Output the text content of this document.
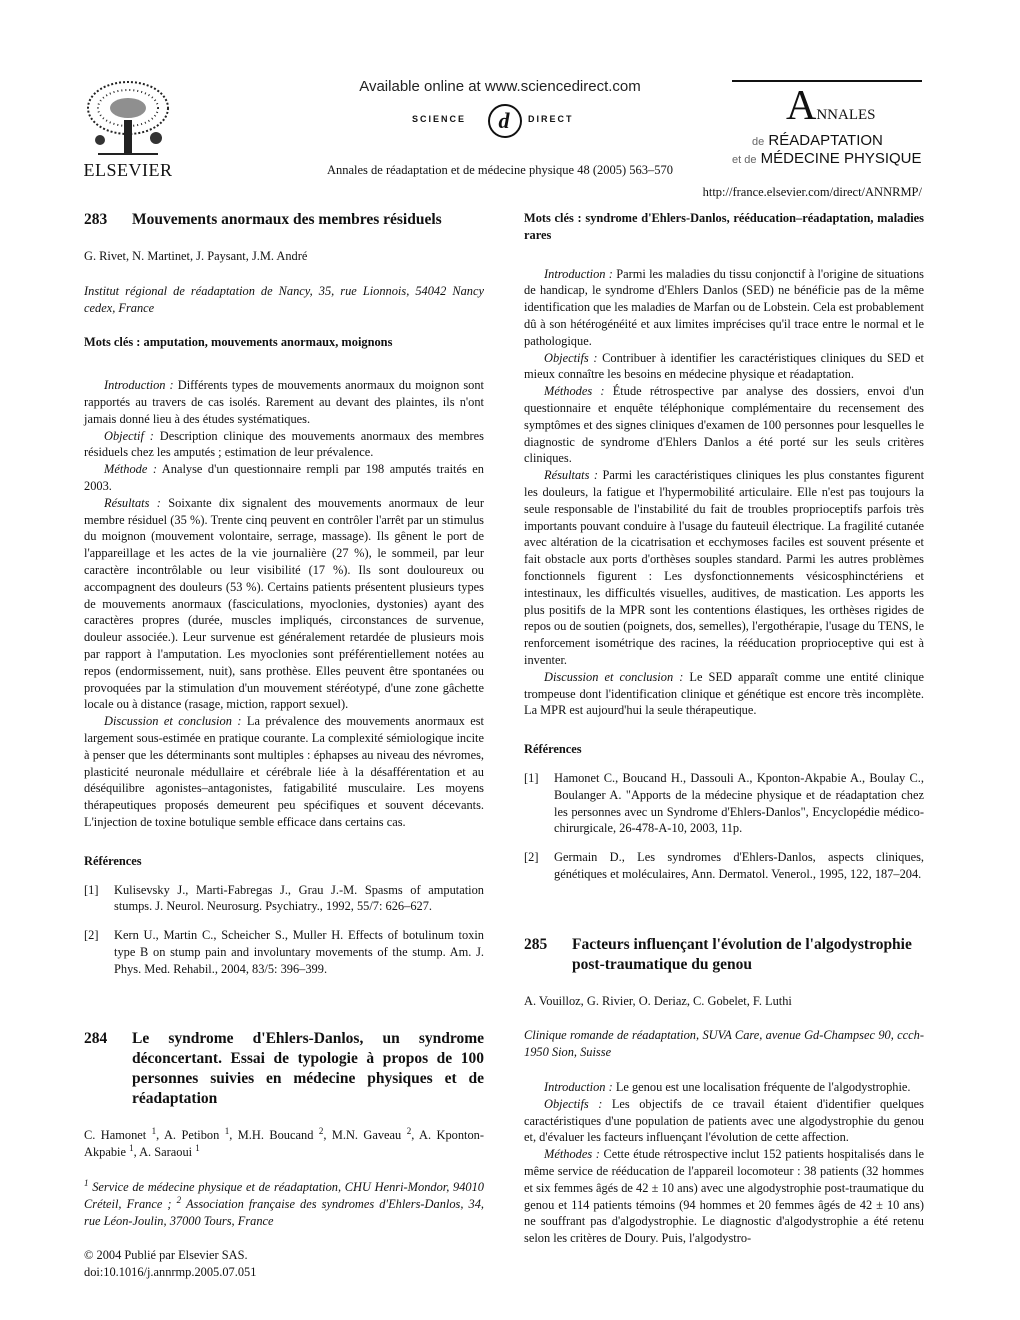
ELSEVIER
Available online at www.sciencedirect.com
SCIENCE d DIRECT
Annales de réadaptation et de médecine physique 48 (2005) 563–570
ANNALES
de RÉADAPTATION
et de MÉDECINE PHYSIQUE
http://france.elsevier.com/direct/ANNRMP/
283	Mouvements anormaux des membres résiduels
G. Rivet, N. Martinet, J. Paysant, J.M. André
Institut régional de réadaptation de Nancy, 35, rue Lionnois, 54042 Nancy cedex, France
Mots clés : amputation, mouvements anormaux, moignons

Introduction : Différents types de mouvements anormaux du moignon sont rapportés au travers de cas isolés. Rarement au devant des plaintes, ils n'ont jamais donné lieu à des études systématiques.

Objectif : Description clinique des mouvements anormaux des membres résiduels chez les amputés ; estimation de leur prévalence.

Méthode : Analyse d'un questionnaire rempli par 198 amputés traités en 2003.

Résultats : Soixante dix signalent des mouvements anormaux de leur membre résiduel (35 %). Trente cinq peuvent en contrôler l'arrêt par un stimulus du moignon (mouvement volontaire, serrage, massage). Ils gênent le port de l'appareillage et les actes de la vie journalière (27 %), le sommeil, par leur caractère incontrôlable ou leur visibilité (17 %). Ils sont douloureux ou accompagnent des douleurs (53 %). Certains patients présentent plusieurs types de mouvements anormaux (fasciculations, myoclonies, dystonies) ayant des caractères propres (durée, muscles impliqués, circonstances de survenue, douleur associée.). Leur survenue est généralement retardée de plusieurs mois par rapport à l'amputation. Les myoclonies sont préférentiellement notées au repos (endormissement, nuit), sans prothèse. Elles peuvent être spontanées ou provoquées par la stimulation d'un mouvement stéréotypé, d'une zone gâchette locale ou à distance (rasage, miction, rapport sexuel).

Discussion et conclusion : La prévalence des mouvements anormaux est largement sous-estimée en pratique courante. La complexité sémiologique incite à penser que les déterminants sont multiples : éphapses au niveau des névromes, plasticité neuronale médullaire et cérébrale liée à la désafférentation et au déséquilibre agonistes–antagonistes, fatigabilité musculaire. Les moyens thérapeutiques proposés demeurent peu spécifiques et souvent décevants. L'injection de toxine botulique semble efficace dans certains cas.

Références
[1]	Kulisevsky J., Marti-Fabregas J., Grau J.-M. Spasms of amputation stumps. J. Neurol. Neurosurg. Psychiatry., 1992, 55/7: 626–627.
[2]	Kern U., Martin C., Scheicher S., Muller H. Effects of botulinum toxin type B on stump pain and involuntary movements of the stump. Am. J. Phys. Med. Rehabil., 2004, 83/5: 396–399.
284	Le syndrome d'Ehlers-Danlos, un syndrome déconcertant. Essai de typologie à propos de 100 personnes suivies en médecine physiques et de réadaptation
C. Hamonet $^1$, A. Petibon $^1$, M.H. Boucand $^2$, M.N. Gaveau $^2$, A. Kponton-Akpabie $^1$, A. Saraoui $^1$
$^1$ Service de médecine physique et de réadaptation, CHU Henri-Mondor, 94010 Créteil, France ; $^2$ Association française des syndromes d'Ehlers-Danlos, 34, rue Léon-Joulin, 37000 Tours, France
© 2004 Publié par Elsevier SAS.
doi:10.1016/j.annrmp.2005.07.051
Mots clés : syndrome d'Ehlers-Danlos, rééducation–réadaptation, maladies rares

Introduction : Parmi les maladies du tissu conjonctif à l'origine de situations de handicap, le syndrome d'Ehlers Danlos (SED) ne bénéficie pas de la même identification que les maladies de Marfan ou de Lobstein. Cela est probablement dû à son hétérogénéité et aux limites imprécises qu'il trace entre le normal et le pathologique.

Objectifs : Contribuer à identifier les caractéristiques cliniques du SED et mieux connaître les besoins en médecine physique et réadaptation.

Méthodes : Étude rétrospective par analyse des dossiers, envoi d'un questionnaire et enquête téléphonique complémentaire du recensement des symptômes et des signes cliniques d'examen de 100 personnes pour lesquelles le diagnostic de syndrome d'Ehlers Danlos a été porté sur les seuls critères cliniques.

Résultats : Parmi les caractéristiques cliniques les plus constantes figurent les douleurs, la fatigue et l'hypermobilité articulaire. Elle n'est pas toujours la seule responsable de l'instabilité du fait de troubles proprioceptifs parfois très importants pouvant conduire à l'usage du fauteuil électrique. La fragilité cutanée avec altération de la cicatrisation et ecchymoses faciles est souvent présente et fait obstacle aux ports d'orthèses souples standard. Parmi les autres problèmes fonctionnels figurent : Les dysfonctionnements vésicosphinctériens et intestinaux, les difficultés visuelles, auditives, de mastication. Les apports les plus positifs de la MPR sont les contentions élastiques, les orthèses rigides de repos ou de soutien (poignets, dos, semelles), l'ergothérapie, l'usage du TENS, le renforcement isométrique des racines, la rééducation proprioceptive qui est à inventer.

Discussion et conclusion : Le SED apparaît comme une entité clinique trompeuse dont l'identification clinique et génétique est encore très incomplète. La MPR est aujourd'hui la seule thérapeutique.

Références
[1]	Hamonet C., Boucand H., Dassouli A., Kponton-Akpabie A., Boulay C., Boulanger A. "Apports de la médecine physique et de réadaptation chez les personnes avec un Syndrome d'Ehlers-Danlos", Encyclopédie médico-chirurgicale, 26-478-A-10, 2003, 11p.
[2]	Germain D., Les syndromes d'Ehlers-Danlos, aspects cliniques, génétiques et moléculaires, Ann. Dermatol. Venerol., 1995, 122, 187–204.
285	Facteurs influençant l'évolution de l'algodystrophie post-traumatique du genou
A. Vouilloz, G. Rivier, O. Deriaz, C. Gobelet, F. Luthi
Clinique romande de réadaptation, SUVA Care, avenue Gd-Champsec 90, ccch-1950 Sion, Suisse

Introduction : Le genou est une localisation fréquente de l'algodystrophie.

Objectifs : Les objectifs de ce travail étaient d'identifier quelques caractéristiques d'une population de patients avec une algodystrophie du genou et, d'évaluer les facteurs influençant l'évolution de cette affection.

Méthodes : Cette étude rétrospective inclut 152 patients hospitalisés dans le même service de rééducation de l'appareil locomoteur : 38 patients (32 hommes et six femmes âgés de 42 ± 10 ans) avec une algodystrophie post-traumatique du genou et 114 patients témoins (94 hommes et 20 femmes âgés de 42 ± 10 ans) ne souffrant pas d'algodystrophie. Le diagnostic d'algodystrophie a été retenu selon les critères de Doury. Puis, l'algodystro-
